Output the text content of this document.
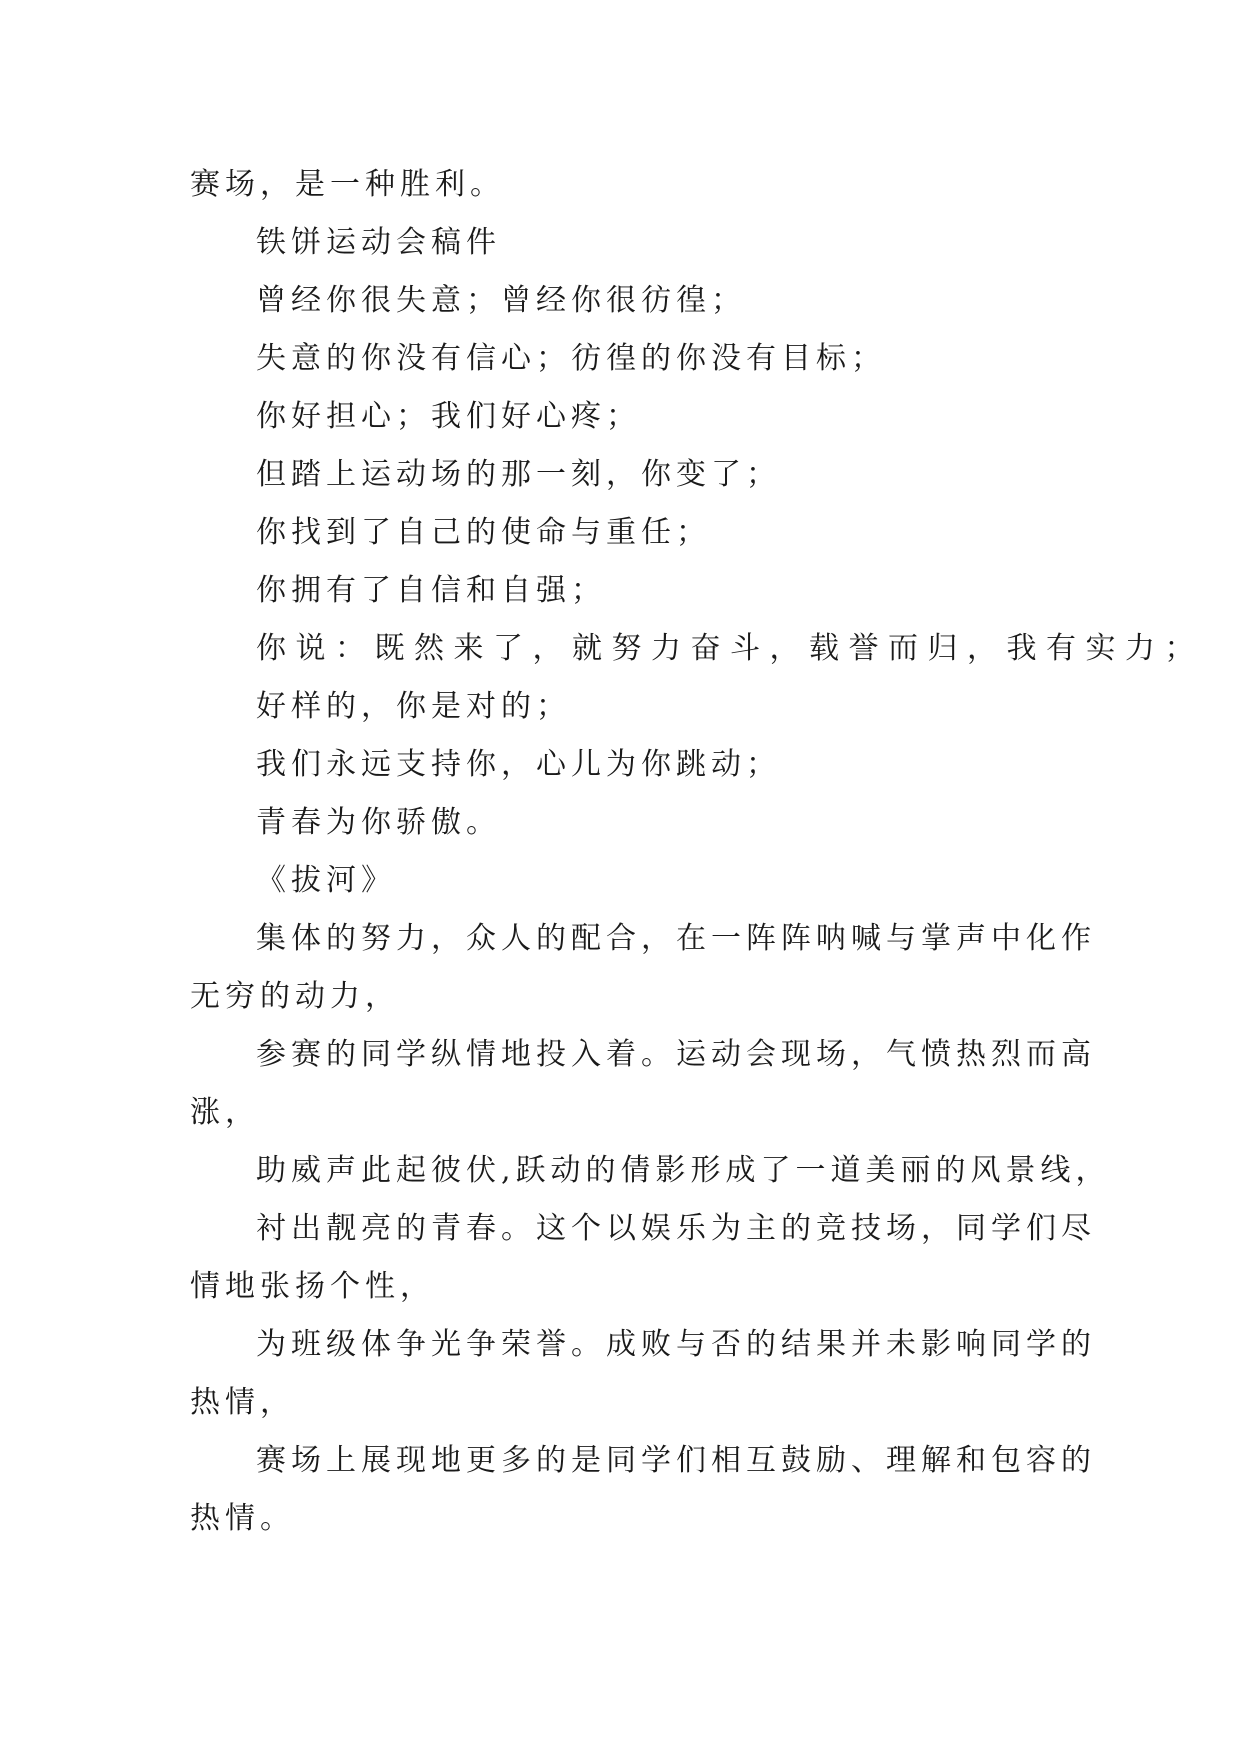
赛场，是一种胜利。
铁饼运动会稿件
曾经你很失意；曾经你很彷徨；
失意的你没有信心；彷徨的你没有目标；
你好担心；我们好心疼；
但踏上运动场的那一刻，你变了；
你找到了自己的使命与重任；
你拥有了自信和自强；
你说：既然来了，就努力奋斗，载誉而归，我有实力；
好样的，你是对的；
我们永远支持你，心儿为你跳动；
青春为你骄傲。
《拔河》
集体的努力，众人的配合，在一阵阵呐喊与掌声中化作
无穷的动力，
参赛的同学纵情地投入着。运动会现场，气愤热烈而高
涨，
助威声此起彼伏,跃动的倩影形成了一道美丽的风景线，
衬出靓亮的青春。这个以娱乐为主的竞技场，同学们尽
情地张扬个性，
为班级体争光争荣誉。成败与否的结果并未影响同学的
热情，
赛场上展现地更多的是同学们相互鼓励、理解和包容的
热情。
